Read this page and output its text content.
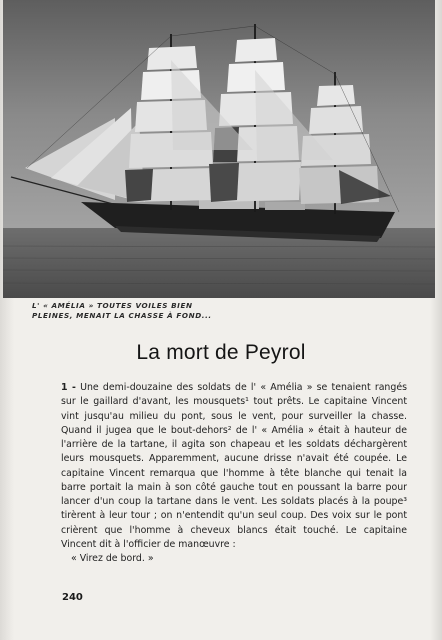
L' « AMÉLIA » TOUTES VOILES BIEN
PLEINES, MENAIT LA CHASSE À FOND...
La mort de Peyrol

1 - Une demi-douzaine des soldats de l' « Amélia » se tenaient rangés sur le gaillard d'avant, les mousquets¹ tout prêts. Le capitaine Vincent vint jusqu'au milieu du pont, sous le vent, pour surveiller la chasse. Quand il jugea que le bout-dehors² de l' « Amélia » était à hauteur de l'arrière de la tartane, il agita son chapeau et les soldats déchargèrent leurs mousquets. Apparemment, aucune drisse n'avait été coupée. Le capitaine Vincent remarqua que l'homme à tête blanche qui tenait la barre portait la main à son côté gauche tout en poussant la barre pour lancer d'un coup la tartane dans le vent. Les soldats placés à la poupe³ tirèrent à leur tour ; on n'entendit qu'un seul coup. Des voix sur le pont crièrent que l'homme à cheveux blancs était touché. Le capitaine Vincent dit à l'officier de manœuvre :

« Virez de bord. »

240
